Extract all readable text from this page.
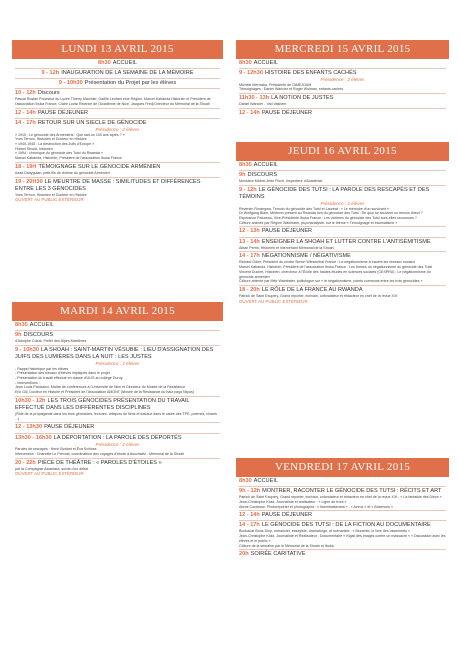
LUNDI 13 AVRIL 2015
8h30 ACCUEIL
9 - 12h INAUGURATION DE LA SEMAINE DE LA MÉMOIRE
9 - 10h30 Présentation du Projet par les élèves
10 - 12h Discours
Pascal Rostan Proviseur du Lycée Thierry Maulnier, Gaëlle Lenfant élue Région, Marcel Kabanda Historien et Président de l'association Ibuka France, Claire Lovisi Rectrice de l'Académie de Nice, Jacques Fredj Directeur du Mémorial de la Shoah
12 - 14h PAUSE DÉJEUNER
14 - 17h RETOUR SUR UN SIECLE DE GÉNOCIDE
Présidence : 2 élèves
« 1915 : Le génocide des Arméniens : Que sait-on 100 ans après ? »
Yves Ternon, Historien et Docteur en Histoire
« 1940-1945 : La destruction des Juifs d'Europe »
Hubert Strouk, historien
« 1994 : chronique du génocide des Tutsi du Rwanda »
Marcel Kabanda, Historien, Président de l'association Ibuka France
18 - 19H TÉMOIGNAGE SUR LE GÉNOCIDE ARMÉNIEN
Azad Dadyguian, petit-fils de victime du génocide Arménien
19 - 20H30 LE MEURTRE DE MASSE : SIMILITUDES ET DIFFÉRENCES ENTRE LES 3 GÉNOCIDES
Yves Ternon, Historien et Docteur en Histoire
OUVERT AU PUBLIC EXTÉRIEUR
MARDI 14 AVRIL 2015
8h30 ACCUEIL
9h DISCOURS
d'Adolphe Colrat, Préfet des Alpes-Maritimes
9 - 10h30 LA SHOAH : SAINT-MARTIN VÉSUBIE : LIEU D'ASSIGNATION DES JUIFS DES LUMIÈRES DANS LA NUIT : LES JUSTES
Présidence : 2 élèves
- Rappel historique par les élèves
- Présentation des travaux d'élèves impliqués dans le projet
- Présentation du travail effectué en classe d'ULIS au collège Duruy
- Interventions :
Jean Louis Panicacci, Maître de conférences à l'Université de Nice et Directeur du Musée de la Résistance
Eric Gili, Docteur en Histoire et Président de l'Association AMONT (Musée de la Résistance du haut pays Niçois)
10h30 - 12h LES TROIS GÉNOCIDES PRÉSENTATION DU TRAVAIL EFFECTUÉ DANS LES DIFFÉRENTES DISCIPLINES
(Rôle de la propagande dans les trois génocides, lectures, critiques de films et travaux dans le cadre des TPE, poèmes, chants ...)
12 - 13h30 PAUSE DÉJEUNER
13h30 - 16h30 LA DÉPORTATION : LA PAROLE DES DÉPORTÉS
Présidence : 2 élèves
Paroles de rescapés : Henri Borlant et Ëva Schloss
Intervention : Charlotte Le Prevost, coordinatrice des voyages d'étude à Auschwitz - Mémorial de la Shoah
20 - 22h PIÈCE DE THÉÂTRE : « PAROLES D'ÉTOILES »
par la Compagnie Alcantara, suivie d'un débat
OUVERT AU PUBLIC EXTÉRIEUR
MERCREDI 15 AVRIL 2015
8h30 ACCUEIL
9 - 12h30 HISTOIRE DES ENFANTS CACHÉS
Présidence : 2 élèves
Michèle Merowka, Présidente de l'AMEJDAM
Témoignages : Daniel Wancier et Roger Wolman, enfants cachés
11h30 - 13h LA NOTION DE JUSTES
Daniel Wancier - Yad Vashem
12 - 14h PAUSE DÉJEUNER
JEUDI 16 AVRIL 2015
8h30 ACCUEIL
9h DISCOURS
Monsieur Michel-Jean Floch, Inspecteur d'Académie
9 - 12h LE GÉNOCIDE DES TUTSI : LA PAROLE DES RESCAPÉS ET DES TÉMOINS
Présidence : 2 élèves
Révérien Rurangwa, Témoin du génocide des Tutsi et Lauréat : « Le mémoire d'un survivant »
Dr Wolfgang Blam, Médecin présent au Rwanda lors du génocide des Tutsi : De quoi se souvient un témoin direct ?
Espérance Patureau, Vice-Présidente Ibuka France : Les victimes du génocide des Tutsi sont-elles reconnues ?
Clôture animée par Régine Waintrater, psychanalyste, sur le thème « Témoignage et traumatisme »
12 - 13h PAUSE DÉJEUNER
13 - 14h ENSEIGNER LA SHOAH ET LUTTER CONTRE L'ANTISÉMITISME
Alban Perrin, Historien et intervenant Mémorial de la Shoah
14 - 17h NÉGATIONNISME / NÉGATIVISME
Richard Odier, Président du centre Simon Wiesenthal France : Le négationnisme à travers les réseaux sociaux
Marcel Kabanda, Historien, Président de l'association Ibuka France : Les formes du négationnisme du génocide des Tutsi
Vincent Duclert, Historien, chercheur à l'École des hautes études en sciences sociales (CESPRA) : Le négationnisme du génocide arménien
Clôture animée par Méir Waintrater, politologue sur « le négationnisme, points communs entre les trois génocides »
18 - 20h LE RÔLE DE LA FRANCE AU RWANDA
Patrick de Saint Exupéry, Grand reporter, écrivain, cofondateur et rédacteur en chef de la revue XXI
OUVERT AU PUBLIC EXTÉRIEUR
VENDREDI 17 AVRIL 2015
8h30 ACCUEIL
9h - 12h MONTRER, RACONTER LE GÉNOCIDE DES TUTSI : RÉCITS ET ART
Patrick de Saint Exupéry, Grand reporter, écrivain, cofondateur et rédacteur en chef de la revue XXI : « La fantaisie des Dieux »
Jean-Christophe Klotz, Journaliste et réalisateur : « Ligne de front »
Alexis Cordesse, Photoreporter et photographe : « Itsembatsemba » , « Aveux » et « Absences »
12 - 14h PAUSE DÉJEUNER
14 - 17h LE GÉNOCIDE DES TUTSI : DE LA FICTION AU DOCUMENTAIRE
Boubacar Boris Diop, romancier, essayiste, dramaturge, et scénariste : « Murambi, le livre des ossements »
Jean-Christophe Klotz, Journaliste et Réalisateur : Documentaire « Kigali des images contre un massacre » « Discussion avec les élèves et le public »
Clôture de la semaine par le Mémorial de la Shoah et Ibuka
20h SOIRÉE CARITATIVE
